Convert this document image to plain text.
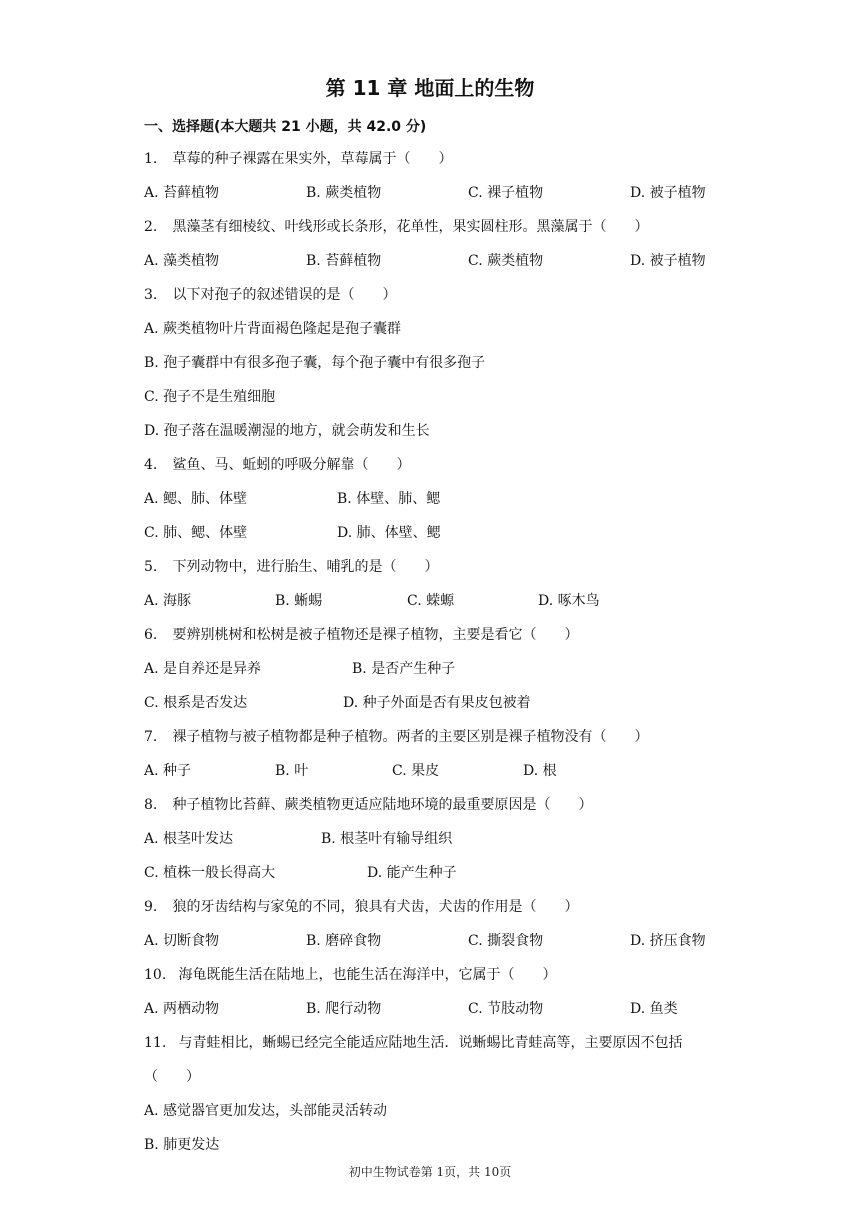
第 11 章 地面上的生物
一、选择题(本大题共 21 小题，共 42.0 分)
1. 草莓的种子裸露在果实外，草莓属于（　　）
A. 苔藓植物	B. 蕨类植物	C. 裸子植物	D. 被子植物
2. 黑藻茎有细棱纹、叶线形或长条形，花单性，果实圆柱形。黑藻属于（　　）
A. 藻类植物	B. 苔藓植物	C. 蕨类植物	D. 被子植物
3. 以下对孢子的叙述错误的是（　　）
A. 蕨类植物叶片背面褐色隆起是孢子囊群
B. 孢子囊群中有很多孢子囊，每个孢子囊中有很多孢子
C. 孢子不是生殖细胞
D. 孢子落在温暖潮湿的地方，就会萌发和生长
4. 鲨鱼、马、蚯蚓的呼吸分解靠（　　）
A. 鳃、肺、体壁	B. 体壁、肺、鳃
C. 肺、鳃、体壁	D. 肺、体壁、鳃
5. 下列动物中，进行胎生、哺乳的是（　　）
A. 海豚	B. 蜥蜴	C. 蝾螈	D. 啄木鸟
6. 要辨别桃树和松树是被子植物还是裸子植物，主要是看它（　　）
A. 是自养还是异养	B. 是否产生种子
C. 根系是否发达	D. 种子外面是否有果皮包被着
7. 裸子植物与被子植物都是种子植物。两者的主要区别是裸子植物没有（　　）
A. 种子	B. 叶	C. 果皮	D. 根
8. 种子植物比苔藓、蕨类植物更适应陆地环境的最重要原因是（　　）
A. 根茎叶发达	B. 根茎叶有输导组织
C. 植株一般长得高大	D. 能产生种子
9. 狼的牙齿结构与家兔的不同，狼具有犬齿，犬齿的作用是（　　）
A. 切断食物	B. 磨碎食物	C. 撕裂食物	D. 挤压食物
10. 海龟既能生活在陆地上，也能生活在海洋中，它属于（　　）
A. 两栖动物	B. 爬行动物	C. 节肢动物	D. 鱼类
11. 与青蛙相比，蜥蜴已经完全能适应陆地生活．说蜥蜴比青蛙高等，主要原因不包括
（　　）
A. 感觉器官更加发达，头部能灵活转动
B. 肺更发达
初中生物试卷第 1页，共 10页
